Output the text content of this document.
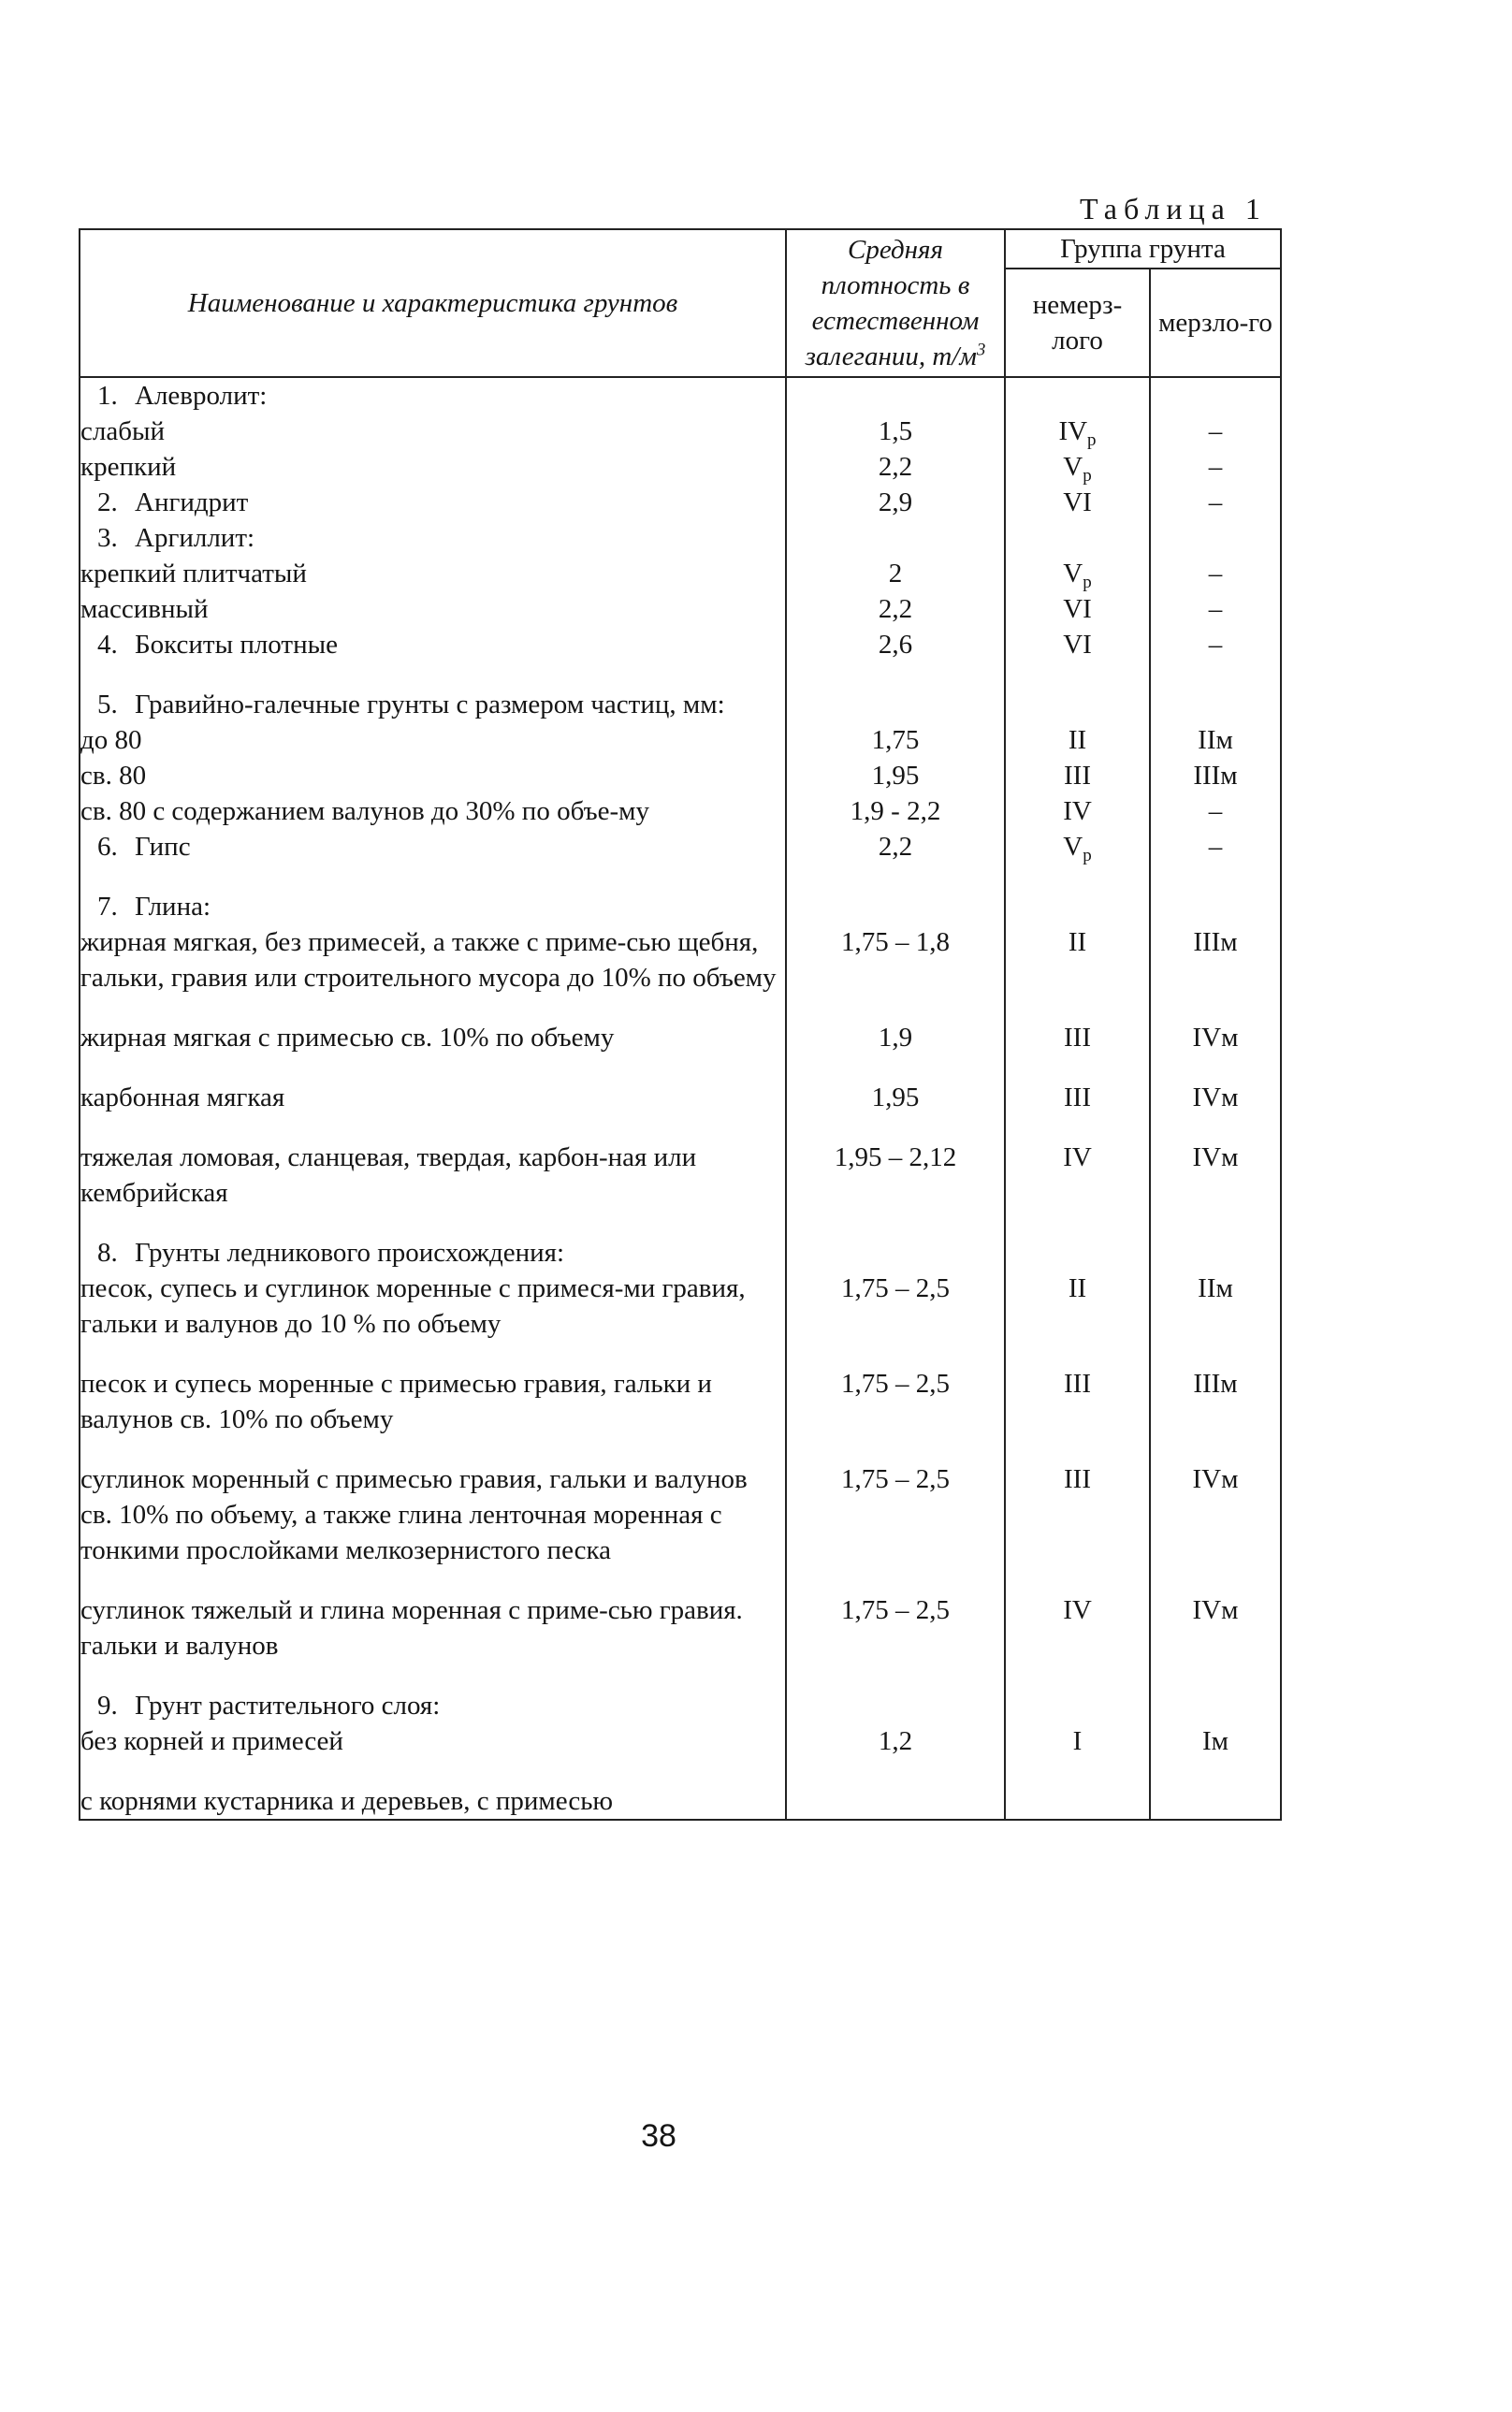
Таблица 1
Наименование и характеристика грунтов	Средняя плотность в естественном залегании, $т/м^3$	Группа грунта	
		немерз-лого	мерзло-го
1. Алевролит:			
слабый	1,5	$IV_р$	–
крепкий	2,2	$V_р$	–
2. Ангидрит	2,9	VI	–
3. Аргиллит:			
крепкий плитчатый	2	$V_р$	–
массивный	2,2	VI	–
4. Бокситы плотные	2,6	VI	–

5. Гравийно-галечные грунты с размером частиц, мм:			

до 80	1,75	II	IIм
св. 80	1,95	III	IIIм
св. 80 с содержанием валунов до 30% по объе-му	1,9 - 2,2	IV	–
6. Гипс	2,2	$V_р$	–
7. Глина:			
жирная мягкая, без примесей, а также с приме-сью щебня, гальки, гравия или строительного мусора до 10% по объему	1,75 – 1,8	II	IIIм
жирная мягкая с примесью св. 10% по объему	1,9	III	IVм
карбонная мягкая	1,95	III	IVм
тяжелая ломовая, сланцевая, твердая, карбон-ная или кембрийская	1,95 – 2,12	IV	IVм
8. Грунты ледникового происхождения:			
песок, супесь и суглинок моренные с примеся-ми гравия, гальки и валунов до 10 % по объему	1,75 – 2,5	II	IIм
песок и супесь моренные с примесью гравия, гальки и валунов св. 10% по объему	1,75 – 2,5	III	IIIм
суглинок моренный с примесью гравия, гальки и валунов св. 10% по объему, а также глина ленточная моренная с тонкими прослойками мелкозернистого песка	1,75 – 2,5	III	IVм
суглинок тяжелый и глина моренная с приме-сью гравия. гальки и валунов	1,75 – 2,5	IV	IVм
9. Грунт растительного слоя:			
без корней и примесей	1,2	I	Iм
с корнями кустарника и деревьев, с примесью			
38
